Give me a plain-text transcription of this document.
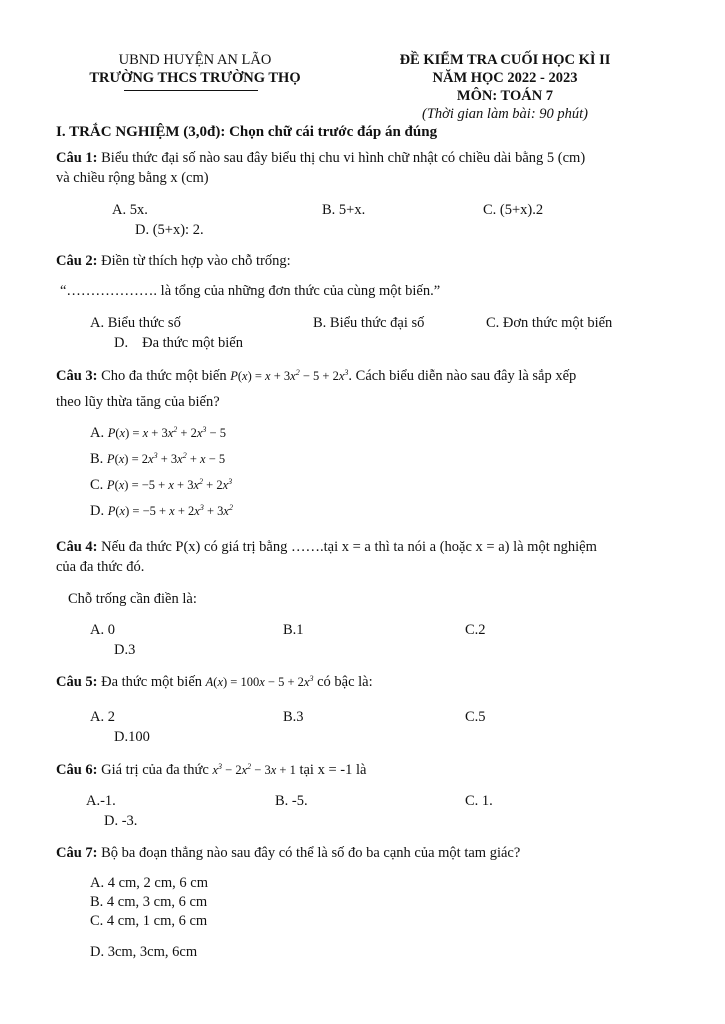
UBND HUYỆN AN LÃO
TRƯỜNG THCS TRƯỜNG THỌ
ĐỀ KIỂM TRA CUỐI HỌC KÌ II
NĂM HỌC 2022 - 2023
MÔN: TOÁN 7
(Thời gian làm bài: 90 phút)
I. TRẮC NGHIỆM (3,0đ): Chọn chữ cái trước đáp án đúng
Câu 1: Biểu thức đại số nào sau đây biểu thị chu vi hình chữ nhật có chiều dài bằng 5 (cm)
và chiều rộng bằng x (cm)
A. 5x.	B. 5+x.	C. (5+x).2
D. (5+x): 2.
Câu 2: Điền từ thích hợp vào chỗ trống:
“………………. là tổng của những đơn thức của cùng một biến.”
A. Biểu thức số	B. Biểu thức đại số	C. Đơn thức một biến
D. Đa thức một biến
Câu 3: Cho đa thức một biến $P(x) = x + 3x^2 - 5 + 2x^3$. Cách biểu diễn nào sau đây là sắp xếp
theo lũy thừa tăng của biến?
A. $P(x) = x + 3x^2 + 2x^3 - 5$
B. $P(x) = 2x^3 + 3x^2 + x - 5$
C. $P(x) = -5 + x + 3x^2 + 2x^3$
D. $P(x) = -5 + x + 2x^3 + 3x^2$
Câu 4: Nếu đa thức P(x) có giá trị bằng …….tại x = a thì ta nói a (hoặc x = a) là một nghiệm
của đa thức đó.
Chỗ trống cần điền là:
A. 0	B.1	C.2
D.3
Câu 5: Đa thức một biến $A(x) = 100x - 5 + 2x^3$ có bậc là:
A. 2	B.3	C.5
D.100
Câu 6: Giá trị của đa thức $x^3 - 2x^2 - 3x + 1$ tại x = -1 là
A.-1.	B. -5.	C. 1.
D. -3.
Câu 7: Bộ ba đoạn thẳng nào sau đây có thể là số đo ba cạnh của một tam giác?
A. 4 cm, 2 cm, 6 cm
B. 4 cm, 3 cm, 6 cm
C. 4 cm, 1 cm, 6 cm
D. 3cm, 3cm, 6cm
